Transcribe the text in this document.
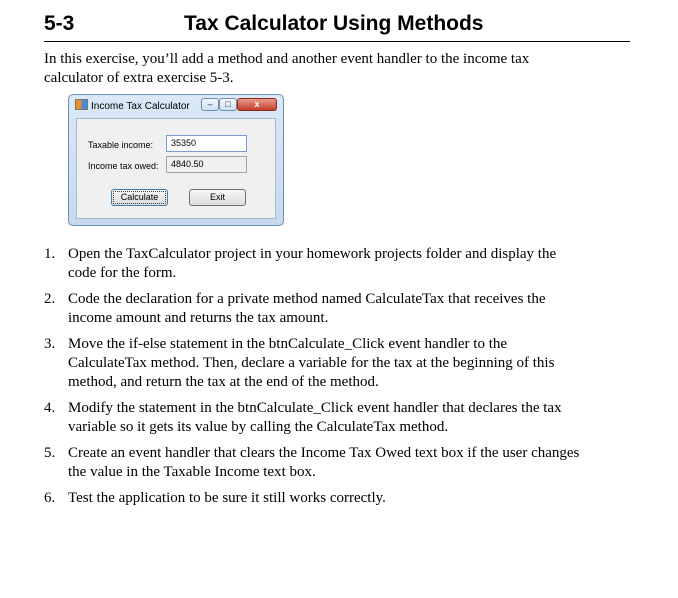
5-3	Tax Calculator Using Methods
In this exercise, you’ll add a method and another event handler to the income tax calculator of extra exercise 5-3.
Income Tax Calculator	–	□	x
Taxable income:	35350
Income tax owed:	4840.50
Calculate	Exit
1. Open the TaxCalculator project in your homework projects folder and display the code for the form.
2. Code the declaration for a private method named CalculateTax that receives the income amount and returns the tax amount.
3. Move the if-else statement in the btnCalculate_Click event handler to the CalculateTax method. Then, declare a variable for the tax at the beginning of this method, and return the tax at the end of the method.
4. Modify the statement in the btnCalculate_Click event handler that declares the tax variable so it gets its value by calling the CalculateTax method.
5. Create an event handler that clears the Income Tax Owed text box if the user changes the value in the Taxable Income text box.
6. Test the application to be sure it still works correctly.
